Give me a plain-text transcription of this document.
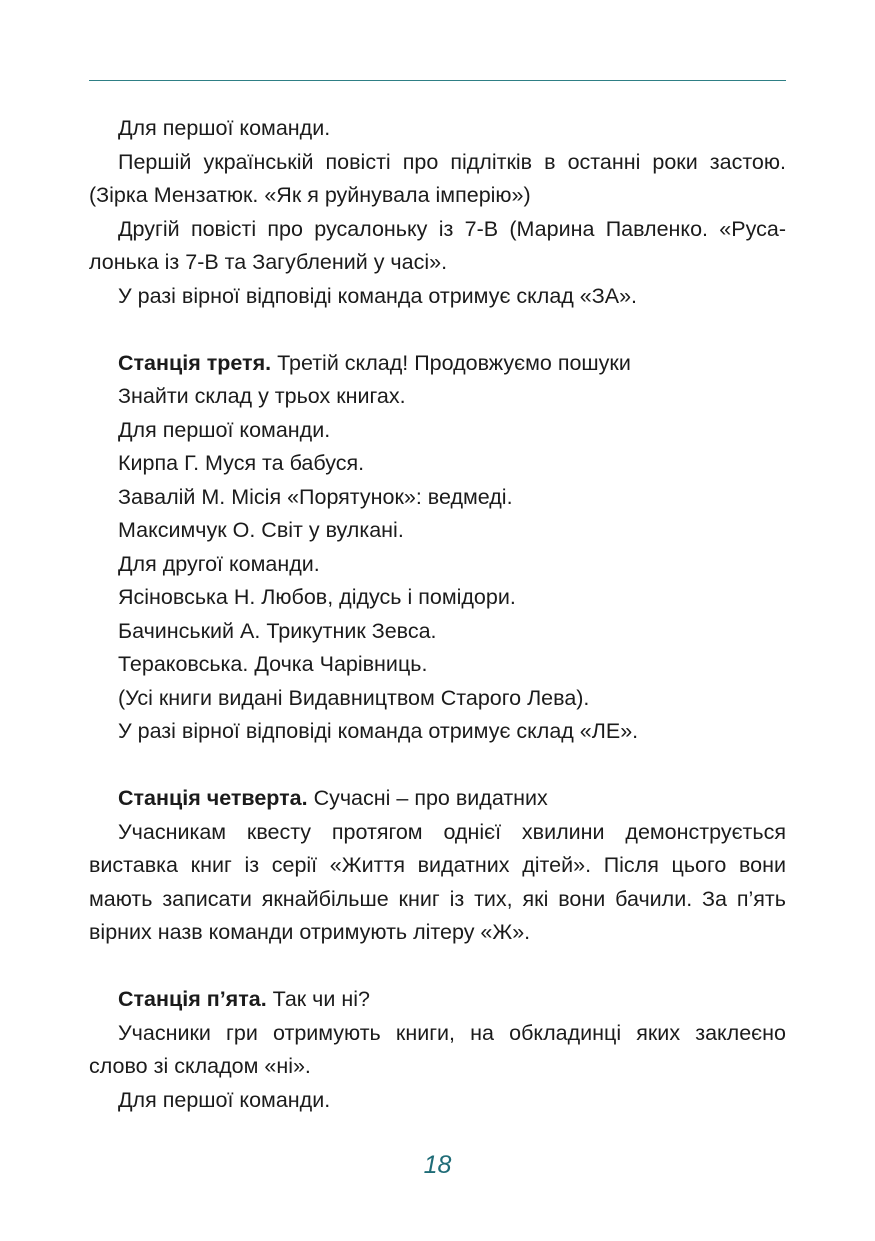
Для першої команди.

Першій українській повісті про підлітків в останні роки застою. (Зірка Мензатюк. «Як я руйнувала імперію»)

Другій повісті про русалоньку із 7-В (Марина Павленко. «Русалонька із 7-В та Загублений у часі».

У разі вірної відповіді команда отримує склад «ЗА».

Станція третя. Третій склад! Продовжуємо пошуки

Знайти склад у трьох книгах.

Для першої команди.

Кирпа Г. Муся та бабуся.

Завалій М. Місія «Порятунок»: ведмеді.

Максимчук О. Світ у вулкані.

Для другої команди.

Ясіновська Н. Любов, дідусь і помідори.

Бачинський А. Трикутник Зевса.

Тераковська. Дочка Чарівниць.

(Усі книги видані Видавництвом Старого Лева).

У разі вірної відповіді команда отримує склад «ЛЕ».

Станція четверта. Сучасні – про видатних

Учасникам квесту протягом однієї хвилини демонструється виставка книг із серії «Життя видатних дітей». Після цього вони мають записати якнайбільше книг із тих, які вони бачили. За п’ять вірних назв команди отримують літеру «Ж».

Станція п’ята. Так чи ні?

Учасники гри отримують книги, на обкладинці яких заклеєно слово зі складом «ні».

Для першої команди.

18
